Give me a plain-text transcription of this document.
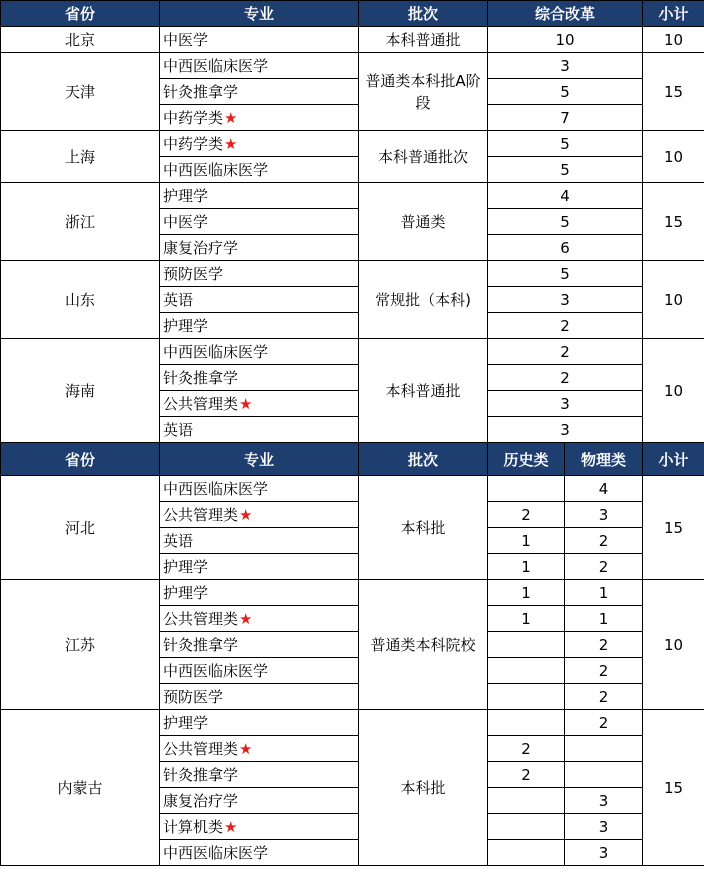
省份	专业	批次	综合改革		小计
北京	中医学	本科普通批	10		10
天津	中西医临床医学	普通类本科批A阶段	3		15
	针灸推拿学		5		
	中药学类★		7		
上海	中药学类★	本科普通批次	5		10
	中西医临床医学		5		
浙江	护理学	普通类	4		15
	中医学		5		
	康复治疗学		6		
山东	预防医学	常规批（本科)	5		10
	英语		3		
	护理学		2		
海南	中西医临床医学	本科普通批	2		10
	针灸推拿学		2		
	公共管理类★		3		
	英语		3		
省份	专业	批次	历史类	物理类	小计
河北	中西医临床医学	本科批		4	15
	公共管理类★		2	3	
	英语		1	2	
	护理学		1	2	
江苏	护理学	普通类本科院校	1	1	10
	公共管理类★		1	1	
	针灸推拿学			2	
	中西医临床医学			2	
	预防医学			2	
内蒙古	护理学	本科批		2	15
	公共管理类★		2		
	针灸推拿学		2		
	康复治疗学			3	
	计算机类★			3	
	中西医临床医学			3	
